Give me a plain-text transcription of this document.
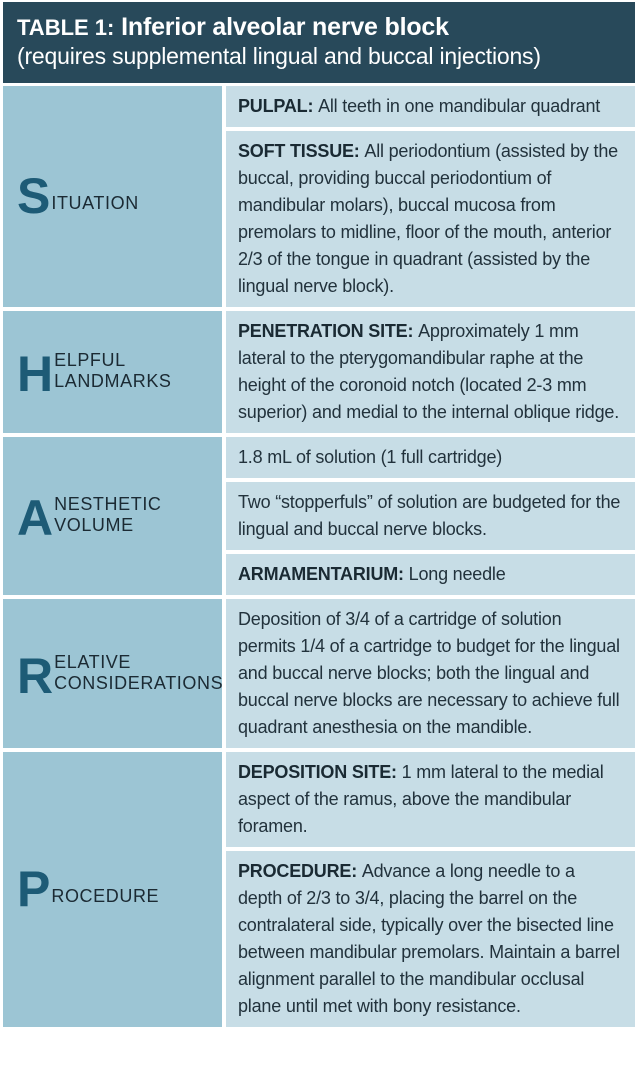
TABLE 1: Inferior alveolar nerve block
(requires supplemental lingual and buccal injections)
S ITUATION
PULPAL: All teeth in one mandibular quadrant
SOFT TISSUE: All periodontium (assisted by the buccal, providing buccal periodontium of mandibular molars), buccal mucosa from premolars to midline, floor of the mouth, anterior 2/3 of the tongue in quadrant (assisted by the lingual nerve block).
H ELPFUL
LANDMARKS
PENETRATION SITE: Approximately 1 mm lateral to the pterygomandibular raphe at the height of the coronoid notch (located 2-3 mm superior) and medial to the internal oblique ridge.
A NESTHETIC
VOLUME
1.8 mL of solution (1 full cartridge)
Two “stopperfuls” of solution are budgeted for the lingual and buccal nerve blocks.
ARMAMENTARIUM: Long needle
R ELATIVE
CONSIDERATIONS
Deposition of 3/4 of a cartridge of solution permits 1/4 of a cartridge to budget for the lingual and buccal nerve blocks; both the lingual and buccal nerve blocks are necessary to achieve full quadrant anesthesia on the mandible.
P ROCEDURE
DEPOSITION SITE: 1 mm lateral to the medial aspect of the ramus, above the mandibular foramen.
PROCEDURE: Advance a long needle to a depth of 2/3 to 3/4, placing the barrel on the contralateral side, typically over the bisected line between mandibular premolars. Maintain a barrel alignment parallel to the mandibular occlusal plane until met with bony resistance.
